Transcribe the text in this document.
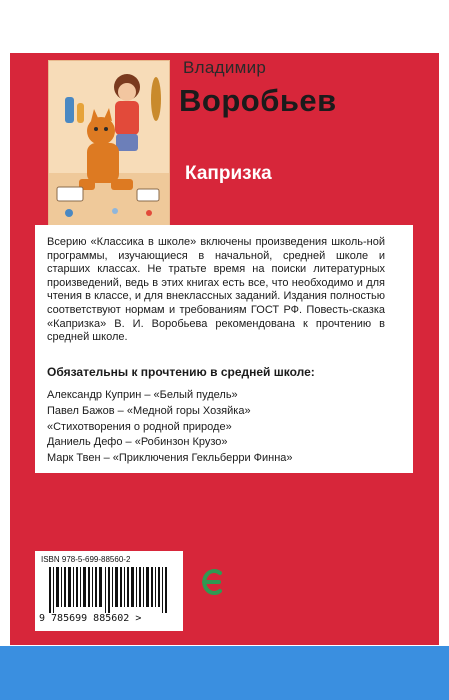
Владимир
Воробьев
Капризка

Всерию «Классика в школе» включены произведения школь-ной программы, изучающиеся в начальной, средней школе и старших классах. Не тратьте время на поиски литературных произведений, ведь в этих книгах есть все, что необходимо и для чтения в классе, и для внеклассных заданий. Издания полностью соответствуют нормам и требованиям ГОСТ РФ. Повесть-сказка «Капризка» В. И. Воробьева рекомендована к прочтению в средней школе.

Обязательны к прочтению в средней школе:

Александр Куприн – «Белый пудель»
Павел Бажов – «Медной горы Хозяйка»
«Стихотворения о родной природе»
Даниель Дефо – «Робинзон Крузо»
Марк Твен – «Приключения Гекльберри Финна»
ISBN 978-5-699-88560-2
9 785699 885602 >
